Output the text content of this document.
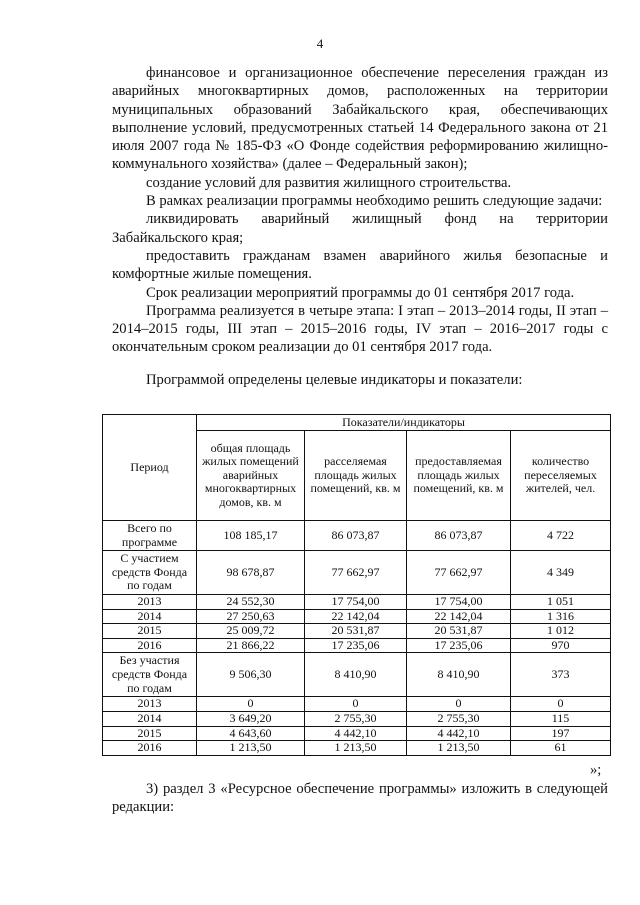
4

финансовое и организационное обеспечение переселения граждан из аварийных многоквартирных домов, расположенных на территории муниципальных образований Забайкальского края, обеспечивающих выполнение условий, предусмотренных статьей 14 Федерального закона от 21 июля 2007 года № 185-ФЗ «О Фонде содействия реформированию жилищно-коммунального хозяйства» (далее – Федеральный закон);

создание условий для развития жилищного строительства.

В рамках реализации программы необходимо решить следующие задачи:

ликвидировать аварийный жилищный фонд на территории Забайкальского края;

предоставить гражданам взамен аварийного жилья безопасные и комфортные жилые помещения.

Срок реализации мероприятий программы до 01 сентября 2017 года.

Программа реализуется в четыре этапа: I этап – 2013–2014 годы, II этап – 2014–2015 годы, III этап – 2015–2016 годы, IV этап – 2016–2017 годы с окончательным сроком реализации до 01 сентября 2017 года.

Программой определены целевые индикаторы и показатели:

Период	Показатели/индикаторы			
	общая площадь жилых помещений аварийных многоквартирных домов, кв. м	расселяемая площадь жилых помещений, кв. м	предоставляемая площадь жилых помещений, кв. м	количество переселяемых жителей, чел.
Всего по программе	108 185,17	86 073,87	86 073,87	4 722
С участием средств Фонда по годам	98 678,87	77 662,97	77 662,97	4 349
2013	24 552,30	17 754,00	17 754,00	1 051
2014	27 250,63	22 142,04	22 142,04	1 316
2015	25 009,72	20 531,87	20 531,87	1 012
2016	21 866,22	17 235,06	17 235,06	970
Без участия средств Фонда по годам	9 506,30	8 410,90	8 410,90	373
2013	0	0	0	0
2014	3 649,20	2 755,30	2 755,30	115
2015	4 643,60	4 442,10	4 442,10	197
2016	1 213,50	1 213,50	1 213,50	61
»;

3) раздел 3 «Ресурсное обеспечение программы» изложить в следующей редакции:
